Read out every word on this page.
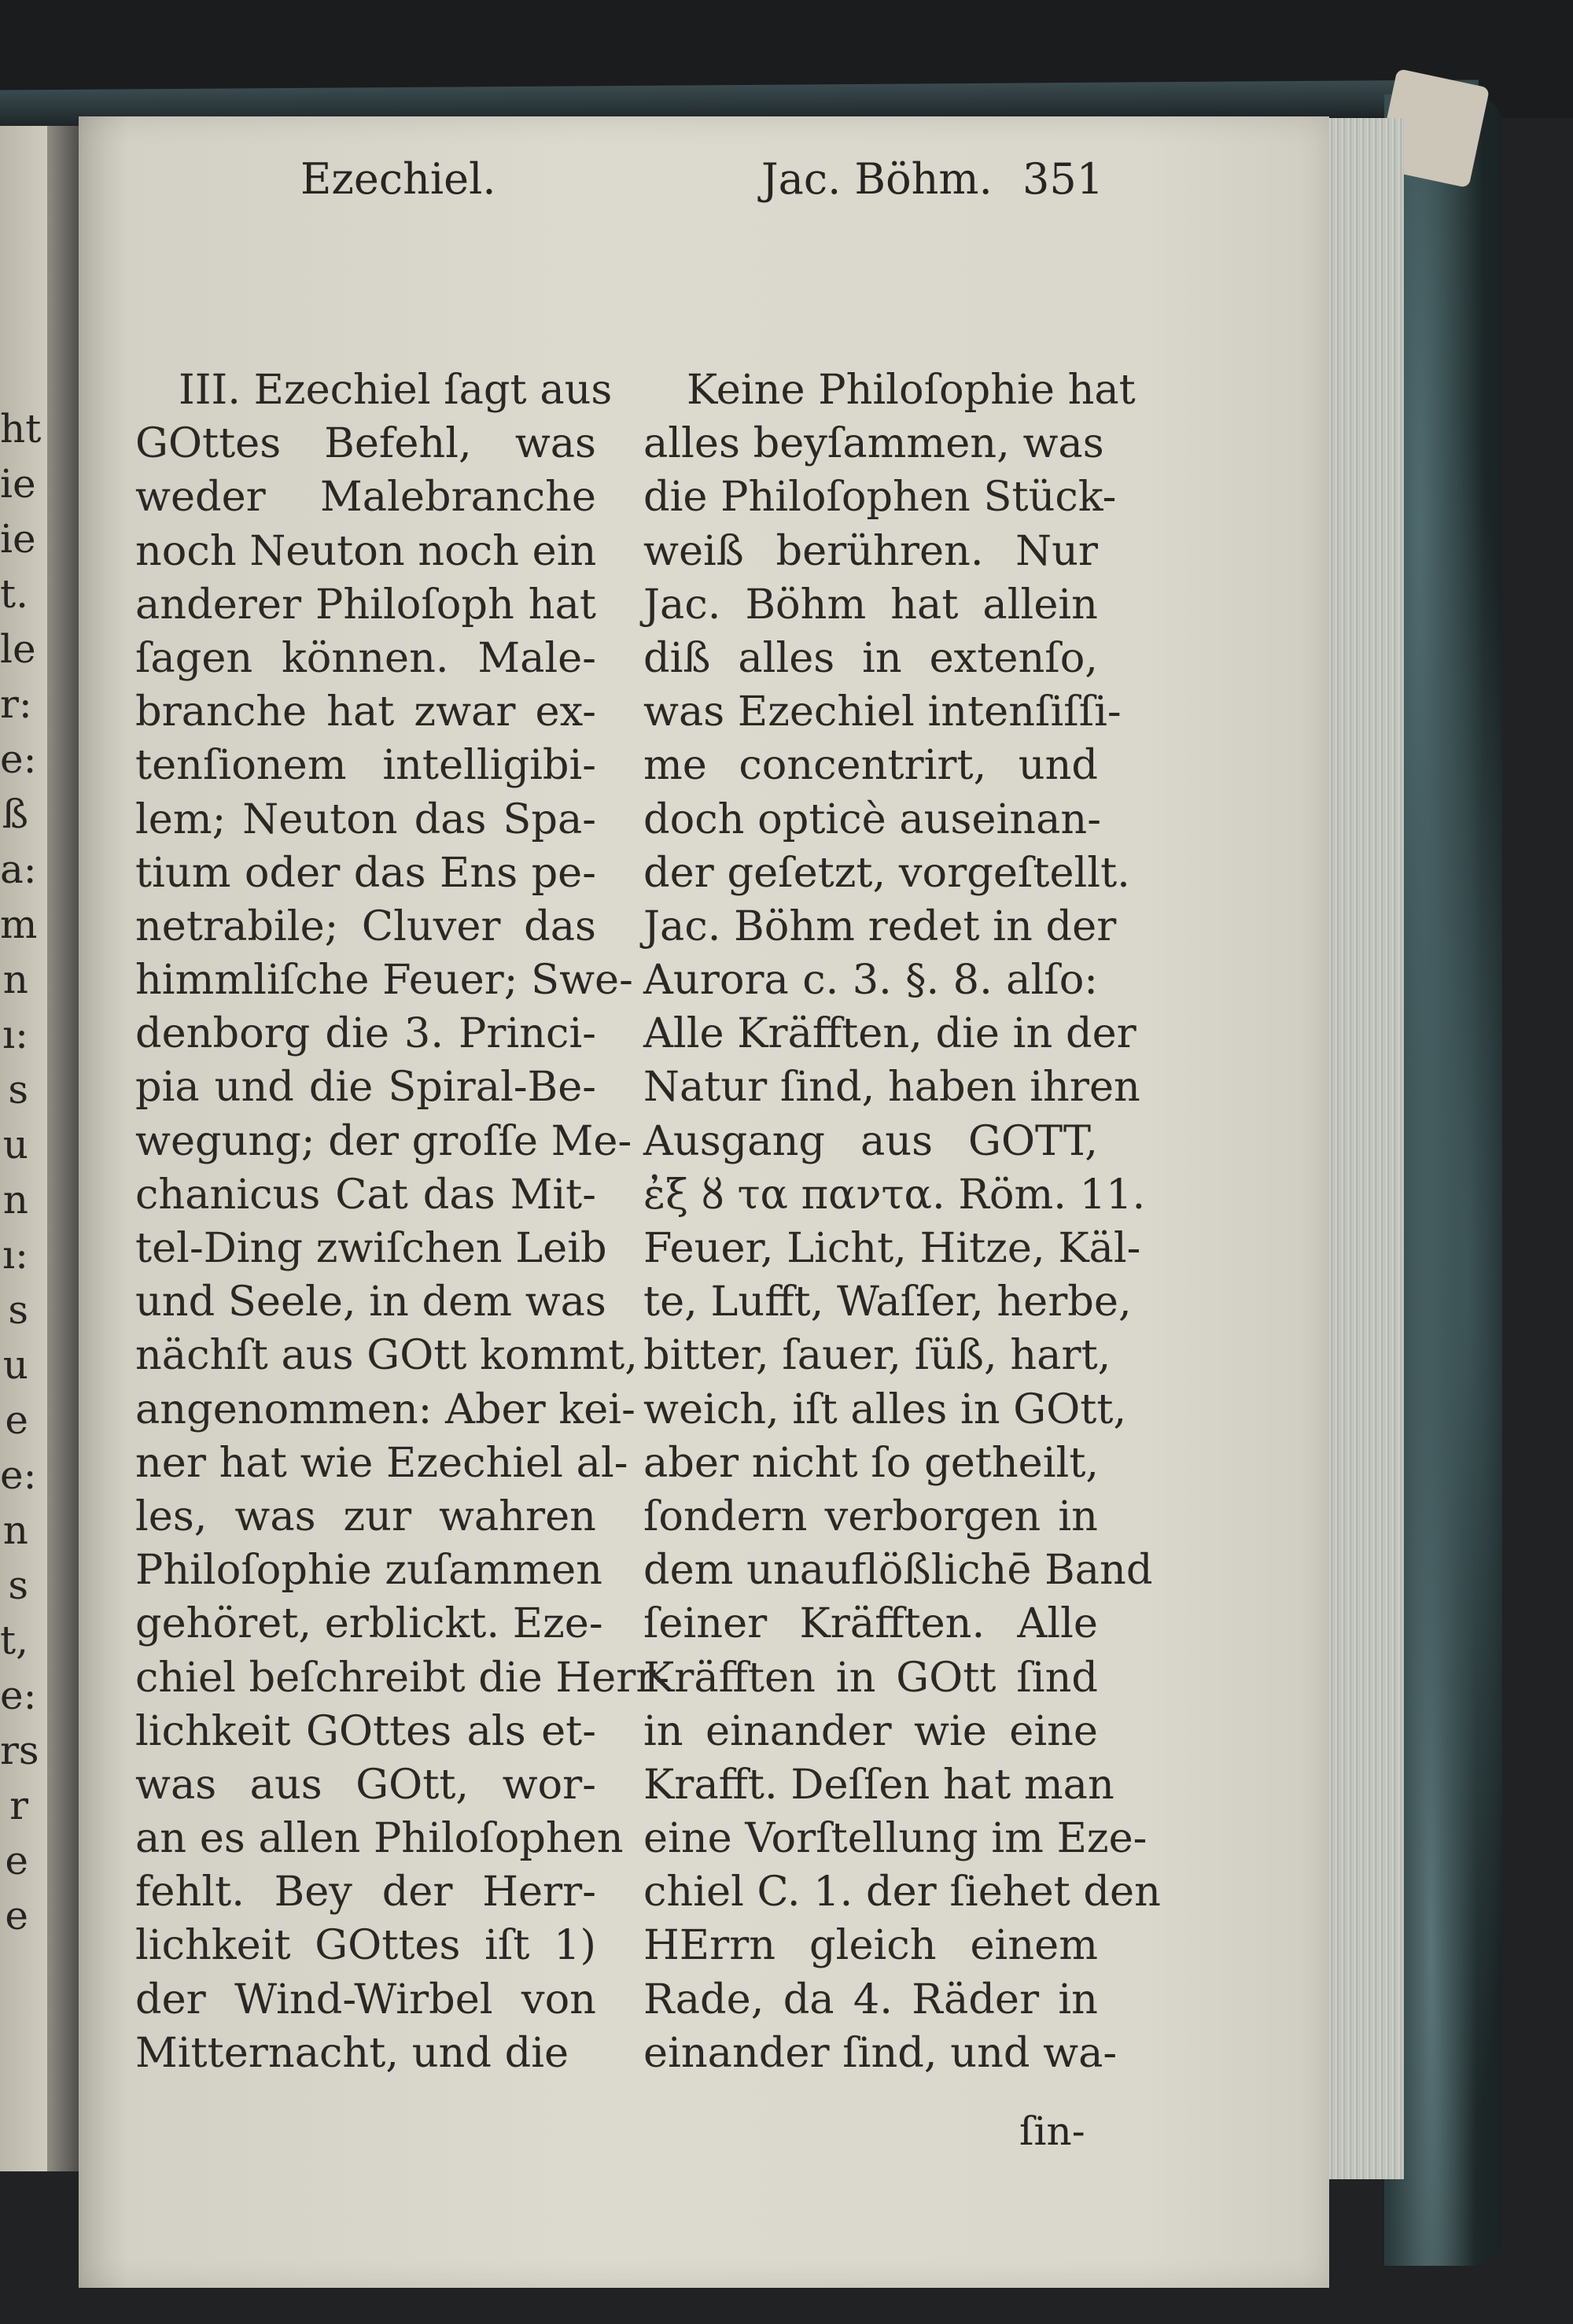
ht
ie
ie
t.
le
r:
e:
ß
a:
m
n
ı:
s
u
n
ı:
s
u
e
e:
n
s
t,
e:
rs
r
e
e
Ezechiel.	Jac. Böhm. 351
III. Ezechiel ſagt aus
GOttes Befehl, was
weder Malebranche
noch Neuton noch ein
anderer Philoſoph hat
ſagen können. Male-
branche hat zwar ex-
tenſionem intelligibi-
lem; Neuton das Spa-
tium oder das Ens pe-
netrabile; Cluver das
himmliſche Feuer; Swe-
denborg die 3. Princi-
pia und die Spiral-Be-
wegung; der groſſe Me-
chanicus Cat das Mit-
tel-Ding zwiſchen Leib
und Seele, in dem was
nächſt aus GOtt kommt,
angenommen: Aber kei-
ner hat wie Ezechiel al-
les, was zur wahren
Philoſophie zuſammen
gehöret, erblickt. Eze-
chiel beſchreibt die Herr-
lichkeit GOttes als et-
was aus GOtt, wor-
an es allen Philoſophen
fehlt. Bey der Herr-
lichkeit GOttes iſt 1)
der Wind-Wirbel von
Mitternacht, und die
Keine Philoſophie hat
alles beyſammen, was
die Philoſophen Stück-
weiß berühren. Nur
Jac. Böhm hat allein
diß alles in extenſo,
was Ezechiel intenſiſſi-
me concentrirt, und
doch opticè auseinan-
der geſetzt, vorgeſtellt.
Jac. Böhm redet in der
Aurora c. 3. §. 8. alſo:
Alle Kräfften, die in der
Natur ſind, haben ihren
Ausgang aus GOTT,
ἐξ ȣ τα παντα. Röm. 11.
Feuer, Licht, Hitze, Käl-
te, Lufft, Waſſer, herbe,
bitter, ſauer, ſüß, hart,
weich, iſt alles in GOtt,
aber nicht ſo getheilt,
ſondern verborgen in
dem unauflößlichē Band
ſeiner Kräfften. Alle
Kräfften in GOtt ſind
in einander wie eine
Krafft. Deſſen hat man
eine Vorſtellung im Eze-
chiel C. 1. der ſiehet den
HErrn gleich einem
Rade, da 4. Räder in
einander ſind, und wa-
ſin-
